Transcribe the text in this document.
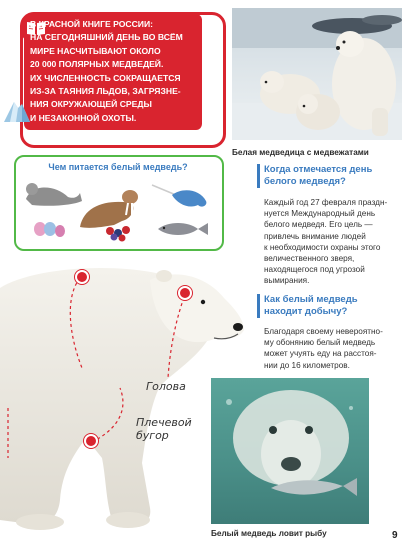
В КРАСНОЙ КНИГЕ РОССИИ:
НА СЕГОДНЯШНИЙ ДЕНЬ ВО ВСЁМ
МИРЕ НАСЧИТЫВАЮТ ОКОЛО
20 000 ПОЛЯРНЫХ МЕДВЕДЕЙ.
ИХ ЧИСЛЕННОСТЬ СОКРАЩАЕТСЯ
ИЗ-ЗА ТАЯНИЯ ЛЬДОВ, ЗАГРЯЗНЕ-
НИЯ ОКРУЖАЮЩЕЙ СРЕДЫ
И НЕЗАКОННОЙ ОХОТЫ.
Белая медведица с медвежатами
Чем питается белый медведь?	Когда отмечается день
белого медведя?
Каждый год 27 февраля праздн-
нуется Международный день
белого медведя. Его цель —
привлечь внимание людей
к необходимости охраны этого
величественного зверя,
находящегося под угрозой
вымирания.
Как белый медведь
находит добычу?
Благодаря своему невероятно-
му обонянию белый медведь
может учуять еду на расстоя-
нии до 16 километров.
Голова
Плечевой
бугор
Белый медведь ловит рыбу	9
